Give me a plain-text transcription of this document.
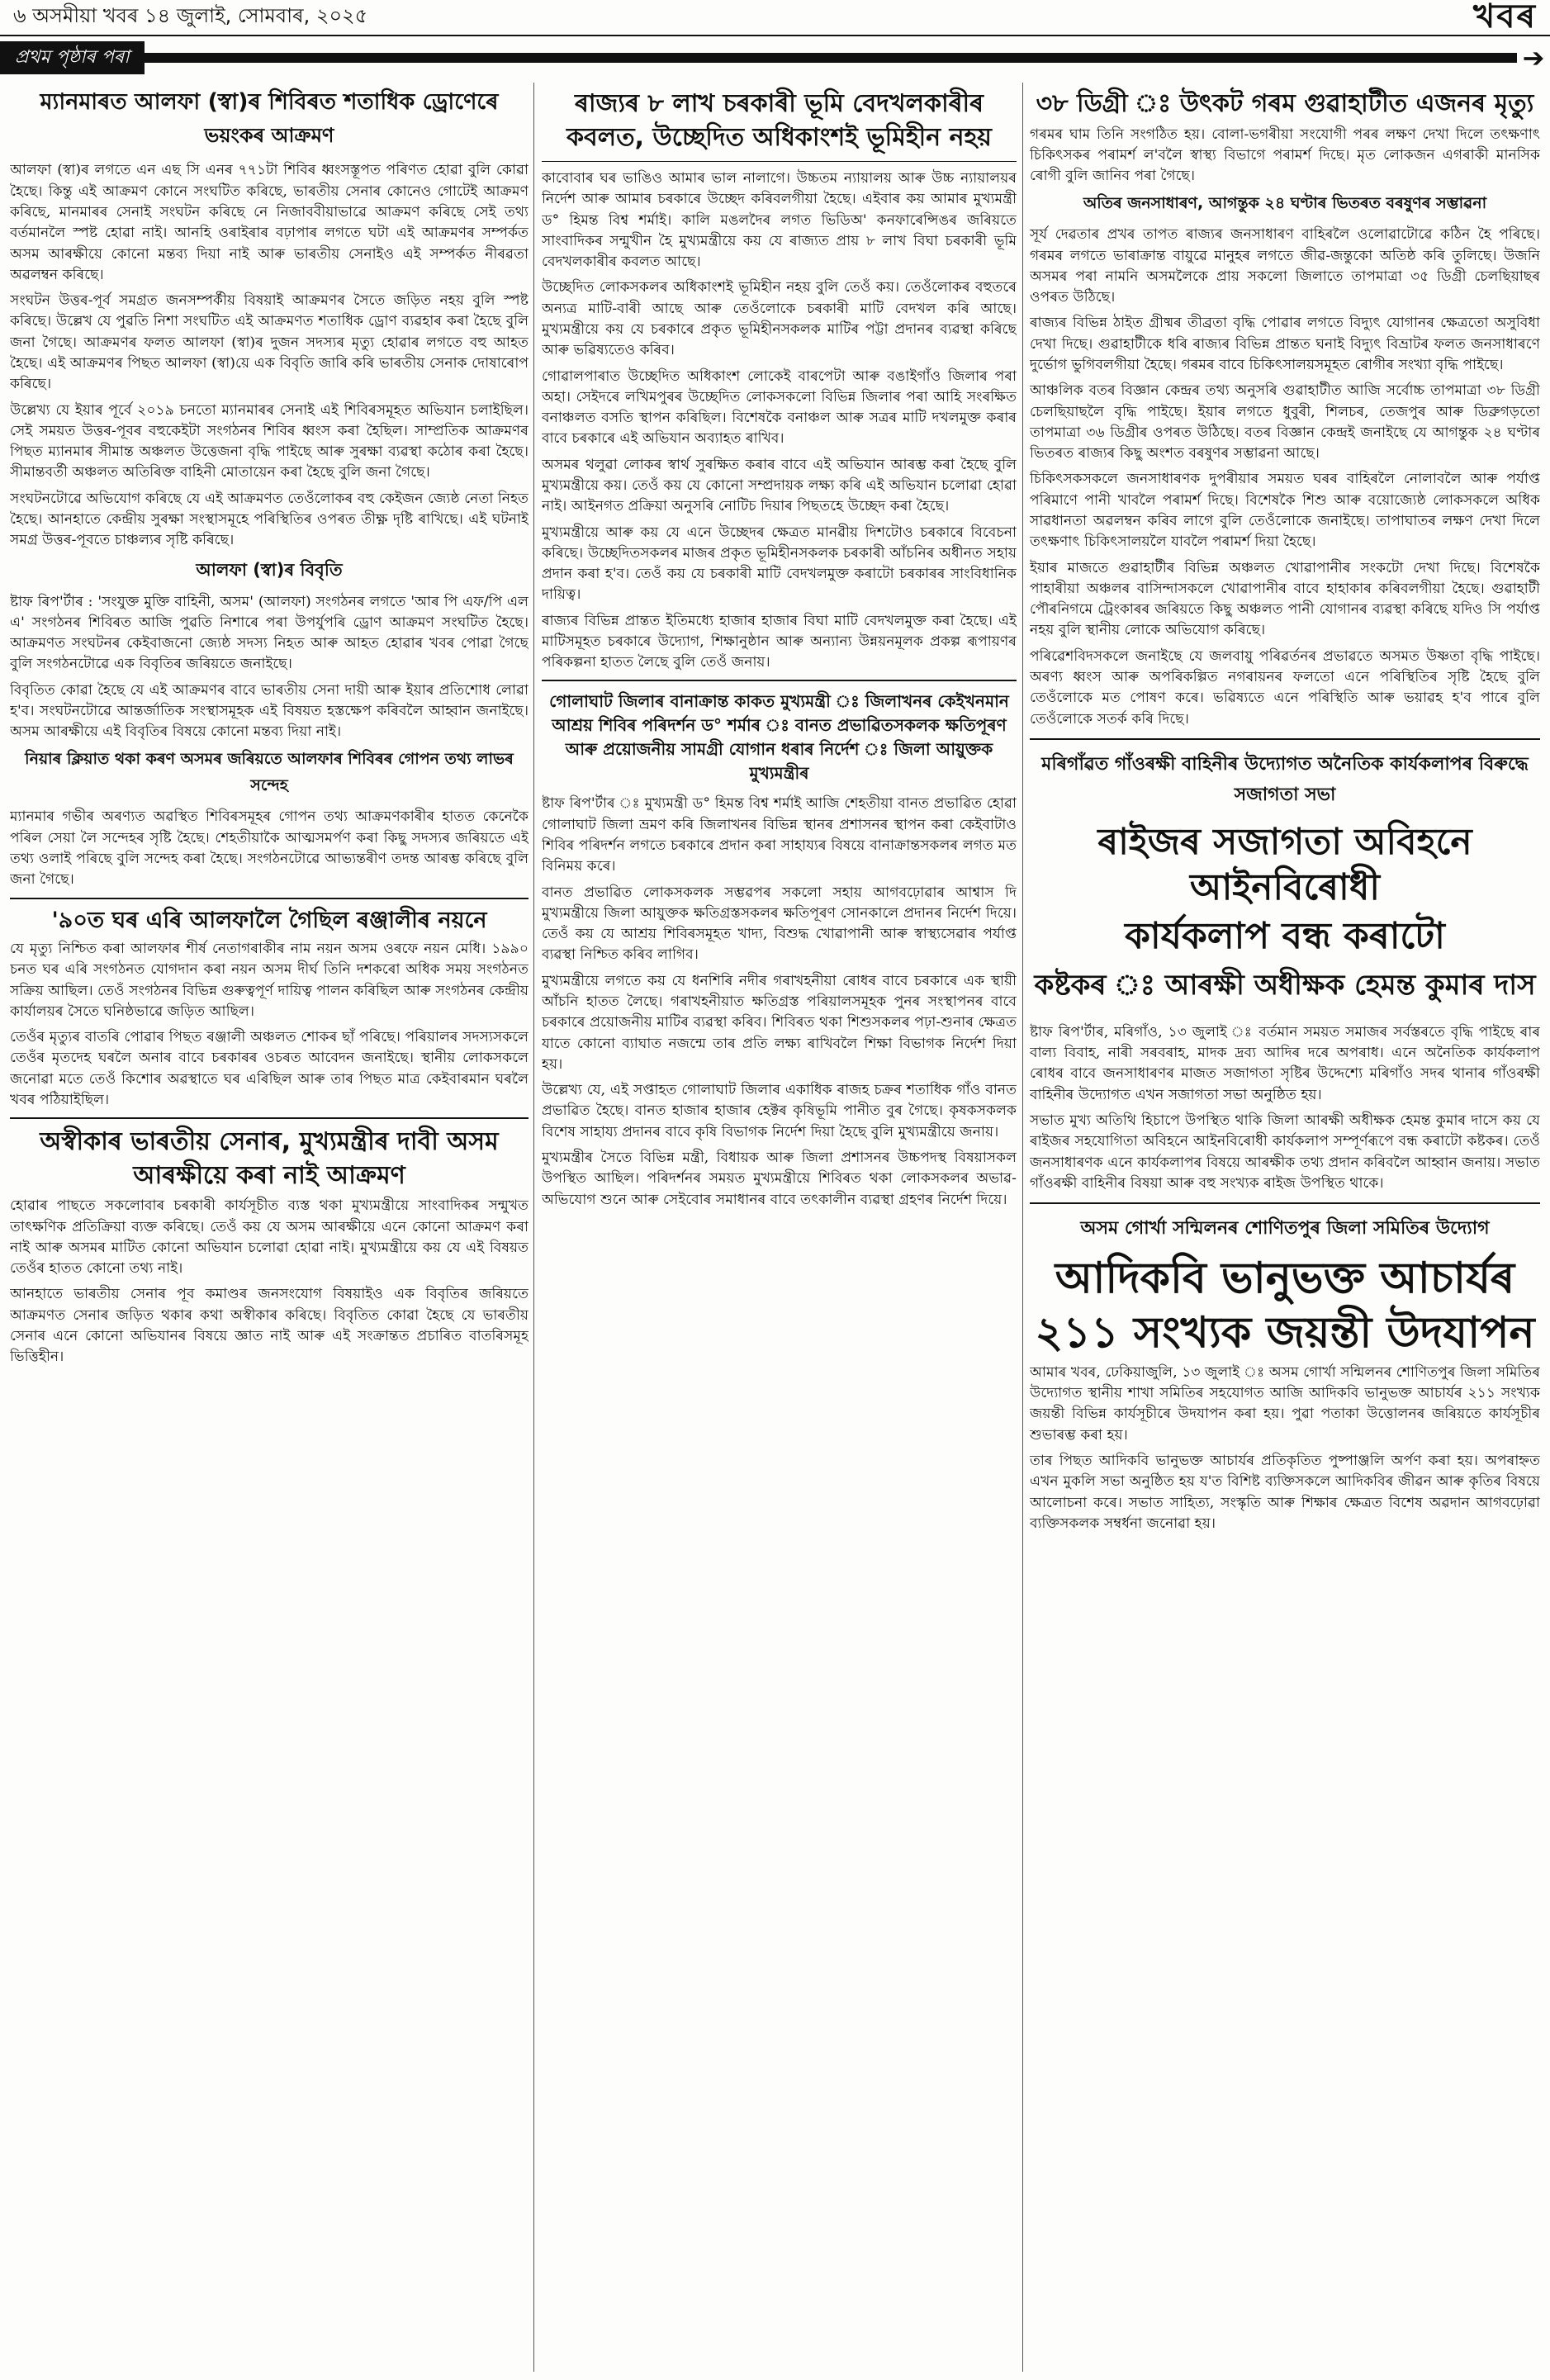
৬ অসমীয়া খবৰ ১৪ জুলাই, সোমবাৰ, ২০২৫	খবৰ
প্ৰথম পৃষ্ঠাৰ পৰা	➔
ম্যানমাৰত আলফা (স্বা)ৰ শিবিৰত শতাধিক ড্ৰোণেৰে
ভয়ংকৰ আক্ৰমণ

আলফা (স্বা)ৰ লগতে এন এছ সি এনৰ ৭৭১টা শিবিৰ ধ্বংসস্তূপত পৰিণত হোৱা বুলি কোৱা হৈছে। কিন্তু এই আক্ৰমণ কোনে সংঘটিত কৰিছে, ভাৰতীয় সেনাৰ কোনেও গোটেই আক্ৰমণ কৰিছে, মানমাৰৰ সেনাই সংঘটন কৰিছে নে নিজাববীয়াভাৱে আক্ৰমণ কৰিছে সেই তথ্য বৰ্তমানলৈ স্পষ্ট হোৱা নাই। আনহি ওৰাইৰাৰ বঢ়াপাৰ লগতে ঘটা এই আক্ৰমণৰ সম্পৰ্কত অসম আৰক্ষীয়ে কোনো মন্তব্য দিয়া নাই আৰু ভাৰতীয় সেনাইও এই সম্পৰ্কত নীৰৱতা অৱলম্বন কৰিছে।

সংঘটন উত্তৰ-পূৰ্ব সমগ্ৰত জনসম্পৰ্কীয় বিষয়াই আক্ৰমণৰ সৈতে জড়িত নহয় বুলি স্পষ্ট কৰিছে। উল্লেখ যে পুৱতি নিশা সংঘটিত এই আক্ৰমণত শতাধিক ড্ৰোণ ব্যৱহাৰ কৰা হৈছে বুলি জনা গৈছে। আক্ৰমণৰ ফলত আলফা (স্বা)ৰ দুজন সদস্যৰ মৃত্যু হোৱাৰ লগতে বহু আহত হৈছে। এই আক্ৰমণৰ পিছত আলফা (স্বা)য়ে এক বিবৃতি জাৰি কৰি ভাৰতীয় সেনাক দোষাৰোপ কৰিছে।

উল্লেখ্য যে ইয়াৰ পূৰ্বে ২০১৯ চনতো ম্যানমাৰৰ সেনাই এই শিবিৰসমূহত অভিযান চলাইছিল। সেই সময়ত উত্তৰ-পূবৰ বহুকেইটা সংগঠনৰ শিবিৰ ধ্বংস কৰা হৈছিল। সাম্প্ৰতিক আক্ৰমণৰ পিছত ম্যানমাৰ সীমান্ত অঞ্চলত উত্তেজনা বৃদ্ধি পাইছে আৰু সুৰক্ষা ব্যৱস্থা কঠোৰ কৰা হৈছে। সীমান্তবৰ্তী অঞ্চলত অতিৰিক্ত বাহিনী মোতায়েন কৰা হৈছে বুলি জনা গৈছে।

সংঘটনটোৱে অভিযোগ কৰিছে যে এই আক্ৰমণত তেওঁলোকৰ বহু কেইজন জ্যেষ্ঠ নেতা নিহত হৈছে। আনহাতে কেন্দ্ৰীয় সুৰক্ষা সংস্থাসমূহে পৰিস্থিতিৰ ওপৰত তীক্ষ্ণ দৃষ্টি ৰাখিছে। এই ঘটনাই সমগ্ৰ উত্তৰ-পূবতে চাঞ্চল্যৰ সৃষ্টি কৰিছে।

আলফা (স্বা)ৰ বিবৃতি

ষ্টাফ ৰিপ'ৰ্টাৰ : 'সংযুক্ত মুক্তি বাহিনী, অসম' (আলফা) সংগঠনৰ লগতে 'আৰ পি এফ/পি এল এ' সংগঠনৰ শিবিৰত আজি পুৱতি নিশাৰে পৰা উপৰ্যুপৰি ড্ৰোণ আক্ৰমণ সংঘটিত হৈছে। আক্ৰমণত সংঘটনৰ কেইবাজনো জ্যেষ্ঠ সদস্য নিহত আৰু আহত হোৱাৰ খবৰ পোৱা গৈছে বুলি সংগঠনটোৱে এক বিবৃতিৰ জৰিয়তে জনাইছে।

বিবৃতিত কোৱা হৈছে যে এই আক্ৰমণৰ বাবে ভাৰতীয় সেনা দায়ী আৰু ইয়াৰ প্ৰতিশোধ লোৱা হ'ব। সংঘটনটোৱে আন্তৰ্জাতিক সংস্থাসমূহক এই বিষয়ত হস্তক্ষেপ কৰিবলৈ আহ্বান জনাইছে। অসম আৰক্ষীয়ে এই বিবৃতিৰ বিষয়ে কোনো মন্তব্য দিয়া নাই।

নিয়াৰ ক্লিয়াত থকা কৰণ অসমৰ জৰিয়তে আলফাৰ শিবিৰৰ গোপন তথ্য লাভৰ সন্দেহ

ম্যানমাৰ গভীৰ অৰণ্যত অৱস্থিত শিবিৰসমূহৰ গোপন তথ্য আক্ৰমণকাৰীৰ হাতত কেনেকৈ পৰিল সেয়া লৈ সন্দেহৰ সৃষ্টি হৈছে। শেহতীয়াকৈ আত্মসমৰ্পণ কৰা কিছু সদস্যৰ জৰিয়তে এই তথ্য ওলাই পৰিছে বুলি সন্দেহ কৰা হৈছে। সংগঠনটোৱে আভ্যন্তৰীণ তদন্ত আৰম্ভ কৰিছে বুলি জনা গৈছে।

'৯০ত ঘৰ এৰি আলফালৈ গৈছিল ৰঞ্জালীৰ নয়নে

যে মৃত্যু নিশ্চিত কৰা আলফাৰ শীৰ্ষ নেতাগৰাকীৰ নাম নয়ন অসম ওৰফে নয়ন মেধি। ১৯৯০ চনত ঘৰ এৰি সংগঠনত যোগদান কৰা নয়ন অসম দীৰ্ঘ তিনি দশকৰো অধিক সময় সংগঠনত সক্ৰিয় আছিল। তেওঁ সংগঠনৰ বিভিন্ন গুৰুত্বপূৰ্ণ দায়িত্ব পালন কৰিছিল আৰু সংগঠনৰ কেন্দ্ৰীয় কাৰ্যালয়ৰ সৈতে ঘনিষ্ঠভাৱে জড়িত আছিল।

তেওঁৰ মৃত্যুৰ বাতৰি পোৱাৰ পিছত ৰঞ্জালী অঞ্চলত শোকৰ ছাঁ পৰিছে। পৰিয়ালৰ সদস্যসকলে তেওঁৰ মৃতদেহ ঘৰলৈ অনাৰ বাবে চৰকাৰৰ ওচৰত আবেদন জনাইছে। স্থানীয় লোকসকলে জনোৱা মতে তেওঁ কিশোৰ অৱস্থাতে ঘৰ এৰিছিল আৰু তাৰ পিছত মাত্ৰ কেইবাৰমান ঘৰলৈ খবৰ পঠিয়াইছিল।

অস্বীকাৰ ভাৰতীয় সেনাৰ, মুখ্যমন্ত্ৰীৰ দাবী অসম আৰক্ষীয়ে কৰা নাই আক্ৰমণ

হোৱাৰ পাছতে সকলোবাৰ চৰকাৰী কাৰ্যসূচীত ব্যস্ত থকা মুখ্যমন্ত্ৰীয়ে সাংবাদিকৰ সন্মুখত তাৎক্ষণিক প্ৰতিক্ৰিয়া ব্যক্ত কৰিছে। তেওঁ কয় যে অসম আৰক্ষীয়ে এনে কোনো আক্ৰমণ কৰা নাই আৰু অসমৰ মাটিত কোনো অভিযান চলোৱা হোৱা নাই। মুখ্যমন্ত্ৰীয়ে কয় যে এই বিষয়ত তেওঁৰ হাতত কোনো তথ্য নাই।

আনহাতে ভাৰতীয় সেনাৰ পূব কমাণ্ডৰ জনসংযোগ বিষয়াইও এক বিবৃতিৰ জৰিয়তে আক্ৰমণত সেনাৰ জড়িত থকাৰ কথা অস্বীকাৰ কৰিছে। বিবৃতিত কোৱা হৈছে যে ভাৰতীয় সেনাৰ এনে কোনো অভিযানৰ বিষয়ে জ্ঞাত নাই আৰু এই সংক্ৰান্তত প্ৰচাৰিত বাতৰিসমূহ ভিত্তিহীন।

ৰাজ্যৰ ৮ লাখ চৰকাৰী ভূমি বেদখলকাৰীৰ কবলত, উচ্ছেদিত অধিকাংশই ভূমিহীন নহয়

কাবোবাৰ ঘৰ ভাঙিও আমাৰ ভাল নালাগে। উচ্চতম ন্যায়ালয় আৰু উচ্চ ন্যায়ালয়ৰ নিৰ্দেশ আৰু আমাৰ চৰকাৰে উচ্ছেদ কৰিবলগীয়া হৈছে। এইবাৰ কয় আমাৰ মুখ্যমন্ত্ৰী ড° হিমন্ত বিশ্ব শৰ্মাই। কালি মঙলদৈৰ লগত ভিডিঅ' কনফাৰেন্সিঙৰ জৰিয়তে সাংবাদিকৰ সন্মুখীন হৈ মুখ্যমন্ত্ৰীয়ে কয় যে ৰাজ্যত প্ৰায় ৮ লাখ বিঘা চৰকাৰী ভূমি বেদখলকাৰীৰ কবলত আছে।

উচ্ছেদিত লোকসকলৰ অধিকাংশই ভূমিহীন নহয় বুলি তেওঁ কয়। তেওঁলোকৰ বহুতৰে অন্যত্ৰ মাটি-বাৰী আছে আৰু তেওঁলোকে চৰকাৰী মাটি বেদখল কৰি আছে। মুখ্যমন্ত্ৰীয়ে কয় যে চৰকাৰে প্ৰকৃত ভূমিহীনসকলক মাটিৰ পট্টা প্ৰদানৰ ব্যৱস্থা কৰিছে আৰু ভৱিষ্যতেও কৰিব।

গোৱালপাৰাত উচ্ছেদিত অধিকাংশ লোকেই বাৰপেটা আৰু বঙাইগাঁও জিলাৰ পৰা অহা। সেইদৰে লখিমপুৰৰ উচ্ছেদিত লোকসকলো বিভিন্ন জিলাৰ পৰা আহি সংৰক্ষিত বনাঞ্চলত বসতি স্থাপন কৰিছিল। বিশেষকৈ বনাঞ্চল আৰু সত্ৰৰ মাটি দখলমুক্ত কৰাৰ বাবে চৰকাৰে এই অভিযান অব্যাহত ৰাখিব।

অসমৰ থলুৱা লোকৰ স্বাৰ্থ সুৰক্ষিত কৰাৰ বাবে এই অভিযান আৰম্ভ কৰা হৈছে বুলি মুখ্যমন্ত্ৰীয়ে কয়। তেওঁ কয় যে কোনো সম্প্ৰদায়ক লক্ষ্য কৰি এই অভিযান চলোৱা হোৱা নাই। আইনগত প্ৰক্ৰিয়া অনুসৰি নোটিচ দিয়াৰ পিছতহে উচ্ছেদ কৰা হৈছে।

মুখ্যমন্ত্ৰীয়ে আৰু কয় যে এনে উচ্ছেদৰ ক্ষেত্ৰত মানৱীয় দিশটোও চৰকাৰে বিবেচনা কৰিছে। উচ্ছেদিতসকলৰ মাজৰ প্ৰকৃত ভূমিহীনসকলক চৰকাৰী আঁচনিৰ অধীনত সহায় প্ৰদান কৰা হ'ব। তেওঁ কয় যে চৰকাৰী মাটি বেদখলমুক্ত কৰাটো চৰকাৰৰ সাংবিধানিক দায়িত্ব।

ৰাজ্যৰ বিভিন্ন প্ৰান্তত ইতিমধ্যে হাজাৰ হাজাৰ বিঘা মাটি বেদখলমুক্ত কৰা হৈছে। এই মাটিসমূহত চৰকাৰে উদ্যোগ, শিক্ষানুষ্ঠান আৰু অন্যান্য উন্নয়নমূলক প্ৰকল্প ৰূপায়ণৰ পৰিকল্পনা হাতত লৈছে বুলি তেওঁ জনায়।

গোলাঘাট জিলাৰ বানাক্ৰান্ত কাকত মুখ্যমন্ত্ৰী ঃ জিলাখনৰ কেইখনমান আশ্ৰয় শিবিৰ পৰিদৰ্শন ড° শৰ্মাৰ ঃ বানত প্ৰভাৱিতসকলক ক্ষতিপূৰণ আৰু প্ৰয়োজনীয় সামগ্ৰী যোগান ধৰাৰ নিৰ্দেশ ঃ জিলা আয়ুক্তক মুখ্যমন্ত্ৰীৰ

ষ্টাফ ৰিপ'ৰ্টাৰ ঃ মুখ্যমন্ত্ৰী ড° হিমন্ত বিশ্ব শৰ্মাই আজি শেহতীয়া বানত প্ৰভাৱিত হোৱা গোলাঘাট জিলা ভ্ৰমণ কৰি জিলাখনৰ বিভিন্ন স্থানৰ প্ৰশাসনৰ স্থাপন কৰা কেইবাটাও শিবিৰ পৰিদৰ্শন লগতে চৰকাৰে প্ৰদান কৰা সাহায্যৰ বিষয়ে বানাক্ৰান্তসকলৰ লগত মত বিনিময় কৰে।

বানত প্ৰভাৱিত লোকসকলক সম্ভৱপৰ সকলো সহায় আগবঢ়োৱাৰ আশ্বাস দি মুখ্যমন্ত্ৰীয়ে জিলা আয়ুক্তক ক্ষতিগ্ৰস্তসকলৰ ক্ষতিপূৰণ সোনকালে প্ৰদানৰ নিৰ্দেশ দিয়ে। তেওঁ কয় যে আশ্ৰয় শিবিৰসমূহত খাদ্য, বিশুদ্ধ খোৱাপানী আৰু স্বাস্থ্যসেৱাৰ পৰ্যাপ্ত ব্যৱস্থা নিশ্চিত কৰিব লাগিব।

মুখ্যমন্ত্ৰীয়ে লগতে কয় যে ধনশিৰি নদীৰ গৰাখহনীয়া ৰোধৰ বাবে চৰকাৰে এক স্থায়ী আঁচনি হাতত লৈছে। গৰাখহনীয়াত ক্ষতিগ্ৰস্ত পৰিয়ালসমূহক পুনৰ সংস্থাপনৰ বাবে চৰকাৰে প্ৰয়োজনীয় মাটিৰ ব্যৱস্থা কৰিব। শিবিৰত থকা শিশুসকলৰ পঢ়া-শুনাৰ ক্ষেত্ৰত যাতে কোনো ব্যাঘাত নজন্মে তাৰ প্ৰতি লক্ষ্য ৰাখিবলৈ শিক্ষা বিভাগক নিৰ্দেশ দিয়া হয়।

উল্লেখ্য যে, এই সপ্তাহত গোলাঘাট জিলাৰ একাধিক ৰাজহ চক্ৰৰ শতাধিক গাঁও বানত প্ৰভাৱিত হৈছে। বানত হাজাৰ হাজাৰ হেক্টৰ কৃষিভূমি পানীত বুৰ গৈছে। কৃষকসকলক বিশেষ সাহায্য প্ৰদানৰ বাবে কৃষি বিভাগক নিৰ্দেশ দিয়া হৈছে বুলি মুখ্যমন্ত্ৰীয়ে জনায়।

মুখ্যমন্ত্ৰীৰ সৈতে বিভিন্ন মন্ত্ৰী, বিধায়ক আৰু জিলা প্ৰশাসনৰ উচ্চপদস্থ বিষয়াসকল উপস্থিত আছিল। পৰিদৰ্শনৰ সময়ত মুখ্যমন্ত্ৰীয়ে শিবিৰত থকা লোকসকলৰ অভাৱ-অভিযোগ শুনে আৰু সেইবোৰ সমাধানৰ বাবে তৎকালীন ব্যৱস্থা গ্ৰহণৰ নিৰ্দেশ দিয়ে।

৩৮ ডিগ্ৰী ঃ উৎকট গৰম গুৱাহাটীত এজনৰ মৃত্যু

গৰমৰ ঘাম তিনি সংগঠিত হয়। বোলা-ভগৰীয়া সংযোগী পৰৰ লক্ষণ দেখা দিলে তৎক্ষণাৎ চিকিৎসকৰ পৰামৰ্শ ল'বলৈ স্বাস্থ্য বিভাগে পৰামৰ্শ দিছে। মৃত লোকজন এগৰাকী মানসিক ৰোগী বুলি জানিব পৰা গৈছে।

অতিৰ জনসাধাৰণ, আগন্তুক ২৪ ঘণ্টাৰ ভিতৰত বৰষুণৰ সম্ভাৱনা

সূৰ্য দেৱতাৰ প্ৰখৰ তাপত ৰাজ্যৰ জনসাধাৰণ বাহিৰলৈ ওলোৱাটোৱে কঠিন হৈ পৰিছে। গৰমৰ লগতে ভাৰাক্ৰান্ত বায়ুৱে মানুহৰ লগতে জীৱ-জন্তুকো অতিষ্ঠ কৰি তুলিছে। উজনি অসমৰ পৰা নামনি অসমলৈকে প্ৰায় সকলো জিলাতে তাপমাত্ৰা ৩৫ ডিগ্ৰী চেলছিয়াছৰ ওপৰত উঠিছে।

ৰাজ্যৰ বিভিন্ন ঠাইত গ্ৰীষ্মৰ তীব্ৰতা বৃদ্ধি পোৱাৰ লগতে বিদ্যুৎ যোগানৰ ক্ষেত্ৰতো অসুবিধা দেখা দিছে। গুৱাহাটীকে ধৰি ৰাজ্যৰ বিভিন্ন প্ৰান্তত ঘনাই বিদ্যুৎ বিভ্ৰাটৰ ফলত জনসাধাৰণে দুৰ্ভোগ ভুগিবলগীয়া হৈছে। গৰমৰ বাবে চিকিৎসালয়সমূহত ৰোগীৰ সংখ্যা বৃদ্ধি পাইছে।

আঞ্চলিক বতৰ বিজ্ঞান কেন্দ্ৰৰ তথ্য অনুসৰি গুৱাহাটীত আজি সৰ্বোচ্চ তাপমাত্ৰা ৩৮ ডিগ্ৰী চেলছিয়াছলৈ বৃদ্ধি পাইছে। ইয়াৰ লগতে ধুবুৰী, শিলচৰ, তেজপুৰ আৰু ডিব্ৰুগড়তো তাপমাত্ৰা ৩৬ ডিগ্ৰীৰ ওপৰত উঠিছে। বতৰ বিজ্ঞান কেন্দ্ৰই জনাইছে যে আগন্তুক ২৪ ঘণ্টাৰ ভিতৰত ৰাজ্যৰ কিছু অংশত বৰষুণৰ সম্ভাৱনা আছে।

চিকিৎসকসকলে জনসাধাৰণক দুপৰীয়াৰ সময়ত ঘৰৰ বাহিৰলৈ নোলাবলৈ আৰু পৰ্যাপ্ত পৰিমাণে পানী খাবলৈ পৰামৰ্শ দিছে। বিশেষকৈ শিশু আৰু বয়োজ্যেষ্ঠ লোকসকলে অধিক সাৱধানতা অৱলম্বন কৰিব লাগে বুলি তেওঁলোকে জনাইছে। তাপাঘাতৰ লক্ষণ দেখা দিলে তৎক্ষণাৎ চিকিৎসালয়লৈ যাবলৈ পৰামৰ্শ দিয়া হৈছে।

ইয়াৰ মাজতে গুৱাহাটীৰ বিভিন্ন অঞ্চলত খোৱাপানীৰ সংকটো দেখা দিছে। বিশেষকৈ পাহাৰীয়া অঞ্চলৰ বাসিন্দাসকলে খোৱাপানীৰ বাবে হাহাকাৰ কৰিবলগীয়া হৈছে। গুৱাহাটী পৌৰনিগমে ট্ৰেংকাৰৰ জৰিয়তে কিছু অঞ্চলত পানী যোগানৰ ব্যৱস্থা কৰিছে যদিও সি পৰ্যাপ্ত নহয় বুলি স্থানীয় লোকে অভিযোগ কৰিছে।

পৰিৱেশবিদসকলে জনাইছে যে জলবায়ু পৰিৱৰ্তনৰ প্ৰভাৱতে অসমত উষ্ণতা বৃদ্ধি পাইছে। অৰণ্য ধ্বংস আৰু অপৰিকল্পিত নগৰায়নৰ ফলতো এনে পৰিস্থিতিৰ সৃষ্টি হৈছে বুলি তেওঁলোকে মত পোষণ কৰে। ভৱিষ্যতে এনে পৰিস্থিতি আৰু ভয়াৱহ হ'ব পাৰে বুলি তেওঁলোকে সতৰ্ক কৰি দিছে।

মৰিগাঁৱত গাঁওৰক্ষী বাহিনীৰ উদ্যোগত অনৈতিক কাৰ্যকলাপৰ বিৰুদ্ধে সজাগতা সভা
ৰাইজৰ সজাগতা অবিহনে আইনবিৰোধী
কাৰ্যকলাপ বন্ধ কৰাটো
কষ্টকৰ ঃ আৰক্ষী অধীক্ষক হেমন্ত কুমাৰ দাস

ষ্টাফ ৰিপ'ৰ্টাৰ, মৰিগাঁও, ১৩ জুলাই ঃ বৰ্তমান সময়ত সমাজৰ সৰ্বস্তৰতে বৃদ্ধি পাইছে ৰাৰ বাল্য বিবাহ, নাৰী সৰবৰাহ, মাদক দ্ৰব্য আদিৰ দৰে অপৰাধ। এনে অনৈতিক কাৰ্যকলাপ ৰোধৰ বাবে জনসাধাৰণৰ মাজত সজাগতা সৃষ্টিৰ উদ্দেশ্যে মৰিগাঁও সদৰ থানাৰ গাঁওৰক্ষী বাহিনীৰ উদ্যোগত এখন সজাগতা সভা অনুষ্ঠিত হয়।

সভাত মুখ্য অতিথি হিচাপে উপস্থিত থাকি জিলা আৰক্ষী অধীক্ষক হেমন্ত কুমাৰ দাসে কয় যে ৰাইজৰ সহযোগিতা অবিহনে আইনবিৰোধী কাৰ্যকলাপ সম্পূৰ্ণৰূপে বন্ধ কৰাটো কষ্টকৰ। তেওঁ জনসাধাৰণক এনে কাৰ্যকলাপৰ বিষয়ে আৰক্ষীক তথ্য প্ৰদান কৰিবলৈ আহ্বান জনায়। সভাত গাঁওৰক্ষী বাহিনীৰ বিষয়া আৰু বহু সংখ্যক ৰাইজ উপস্থিত থাকে।

অসম গোৰ্খা সন্মিলনৰ শোণিতপুৰ জিলা সমিতিৰ উদ্যোগ
আদিকবি ভানুভক্ত আচাৰ্যৰ
২১১ সংখ্যক জয়ন্তী উদযাপন

আমাৰ খবৰ, ঢেকিয়াজুলি, ১৩ জুলাই ঃ অসম গোৰ্খা সন্মিলনৰ শোণিতপুৰ জিলা সমিতিৰ উদ্যোগত স্থানীয় শাখা সমিতিৰ সহযোগত আজি আদিকবি ভানুভক্ত আচাৰ্যৰ ২১১ সংখ্যক জয়ন্তী বিভিন্ন কাৰ্যসূচীৰে উদযাপন কৰা হয়। পুৱা পতাকা উত্তোলনৰ জৰিয়তে কাৰ্যসূচীৰ শুভাৰম্ভ কৰা হয়।

তাৰ পিছত আদিকবি ভানুভক্ত আচাৰ্যৰ প্ৰতিকৃতিত পুষ্পাঞ্জলি অৰ্পণ কৰা হয়। অপৰাহ্নত এখন মুকলি সভা অনুষ্ঠিত হয় য'ত বিশিষ্ট ব্যক্তিসকলে আদিকবিৰ জীৱন আৰু কৃতিৰ বিষয়ে আলোচনা কৰে। সভাত সাহিত্য, সংস্কৃতি আৰু শিক্ষাৰ ক্ষেত্ৰত বিশেষ অৱদান আগবঢ়োৱা ব্যক্তিসকলক সম্বৰ্ধনা জনোৱা হয়।
